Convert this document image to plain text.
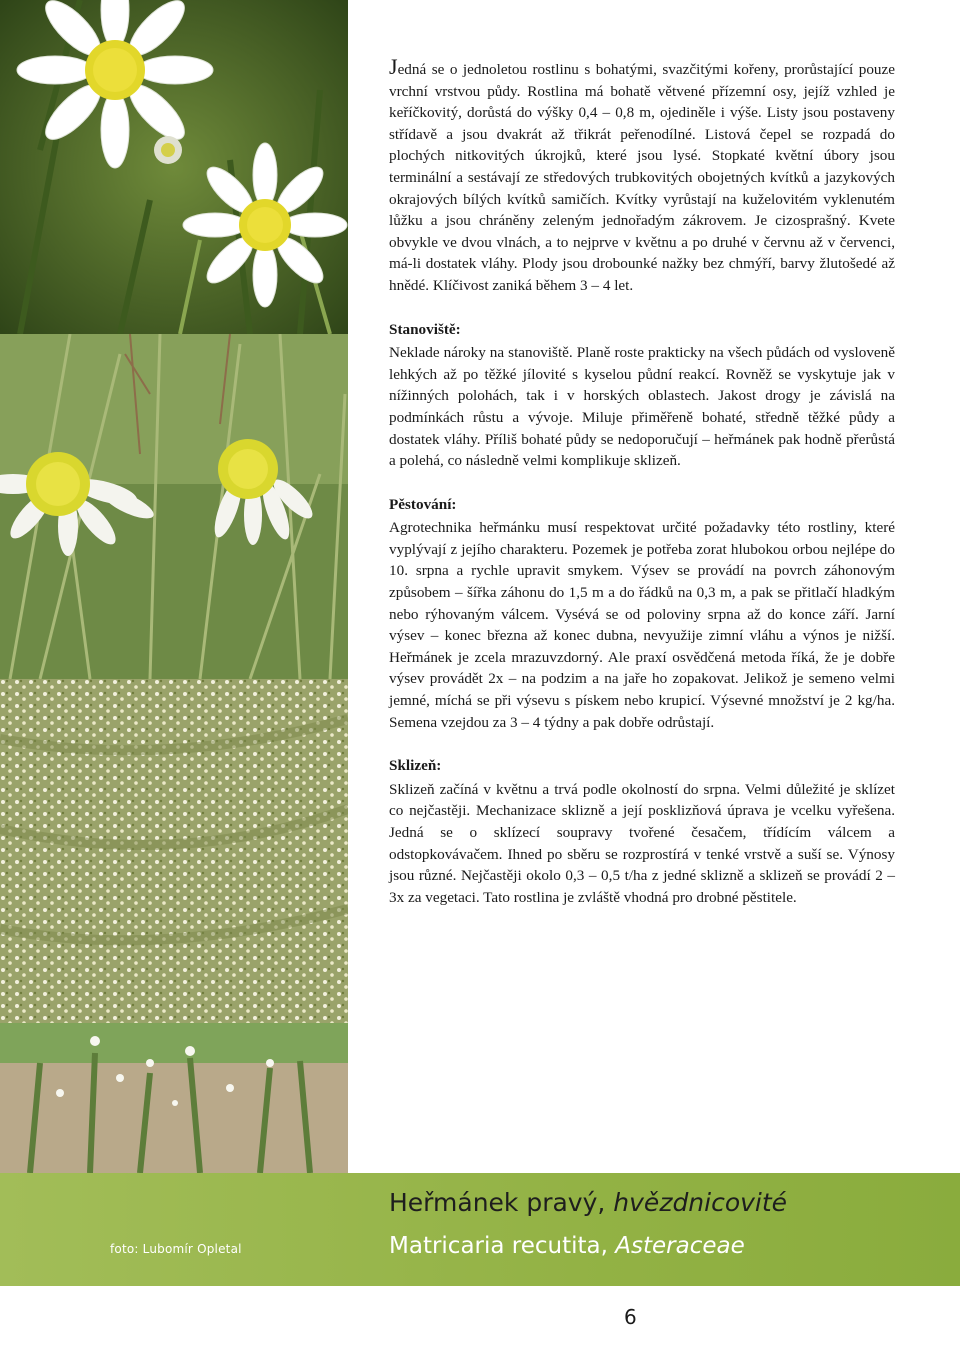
Jedná se o jednoletou rostlinu s bohatými, svazčitými kořeny, prorůstající pouze vrchní vrstvou půdy. Rostlina má bohatě větvené přízemní osy, jejíž vzhled je keříčkovitý, dorůstá do výšky 0,4 – 0,8 m, ojediněle i výše. Listy jsou postaveny střídavě a jsou dvakrát až třikrát peřenodílné. Listová čepel se rozpadá do plochých nitkovitých úkrojků, které jsou lysé. Stopkaté květní úbory jsou terminální a sestávají ze středových trubkovitých obojetných kvítků a jazykových okrajových bílých kvítků samičích. Kvítky vyrůstají na kuželovitém vyklenutém lůžku a jsou chráněny zeleným jednořadým zákrovem. Je cizosprašný. Kvete obvykle ve dvou vlnách, a to nejprve v květnu a po druhé v červnu až v červenci, má-li dostatek vláhy. Plody jsou drobounké nažky bez chmýří, barvy žlutošedé až hnědé. Klíčivost zaniká během 3 – 4 let.

Stanoviště:

Neklade nároky na stanoviště. Planě roste prakticky na všech půdách od vysloveně lehkých až po těžké jílovité s kyselou půdní reakcí. Rovněž se vyskytuje jak v nížinných polohách, tak i v horských oblastech. Jakost drogy je závislá na podmínkách růstu a vývoje. Miluje přiměřeně bohaté, středně těžké půdy a dostatek vláhy. Příliš bohaté půdy se nedoporučují – heřmánek pak hodně přerůstá a polehá, co následně velmi komplikuje sklizeň.

Pěstování:

Agrotechnika heřmánku musí respektovat určité požadavky této rostliny, které vyplývají z jejího charakteru. Pozemek je potřeba zorat hlubokou orbou nejlépe do 10. srpna a rychle upravit smykem. Výsev se provádí na povrch záhonovým způsobem – šířka záhonu do 1,5 m a do řádků na 0,3 m, a pak se přitlačí hladkým nebo rýhovaným válcem. Vysévá se od poloviny srpna až do konce září. Jarní výsev – konec března až konec dubna, nevyužije zimní vláhu a výnos je nižší. Heřmánek je zcela mrazuvzdorný. Ale praxí osvědčená metoda říká, že je dobře výsev provádět 2x – na podzim a na jaře ho zopakovat. Jelikož je semeno velmi jemné, míchá se při výsevu s pískem nebo krupicí. Výsevné množství je 2 kg/ha. Semena vzejdou za 3 – 4 týdny a pak dobře odrůstají.

Sklizeň:

Sklizeň začíná v květnu a trvá podle okolností do srpna. Velmi důležité je sklízet co nejčastěji. Mechanizace sklizně a její posklizňová úprava je vcelku vyřešena. Jedná se o sklízecí soupravy tvořené česačem, třídícím válcem a odstopkovávačem. Ihned po sběru se rozprostírá v tenké vrstvě a suší se. Výnosy jsou různé. Nejčastěji okolo 0,3 – 0,5 t/ha z jedné sklizně a sklizeň se provádí 2 – 3x za vegetaci. Tato rostlina je zvláště vhodná pro drobné pěstitele.

foto: Lubomír Opletal
Heřmánek pravý, hvězdnicovité
Matricaria recutita, Asteraceae
6
